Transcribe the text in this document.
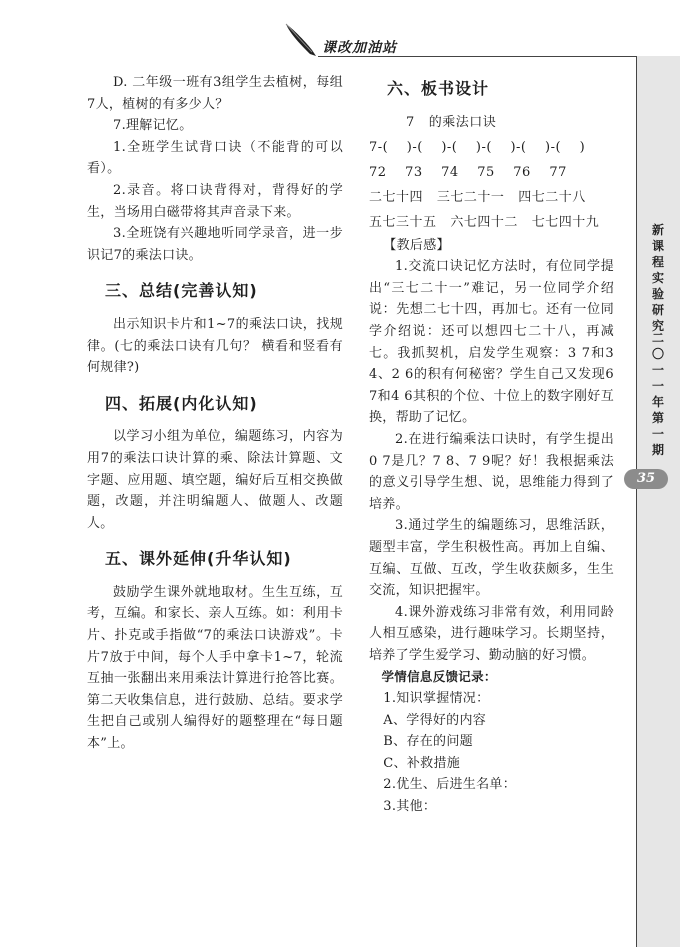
课改加油站
新
课
程
实
验
研
究
二
〇
一
一
年
第
一
期
35

D. 二年级一班有3组学生去植树，每组7人，植树的有多少人？

7.理解记忆。

1.全班学生试背口诀（不能背的可以看）。

2.录音。将口诀背得对，背得好的学生，当场用白磁带将其声音录下来。

3.全班饶有兴趣地听同学录音，进一步识记7的乘法口诀。

三、总结(完善认知)

出示知识卡片和1~7的乘法口诀，找规律。(七的乘法口诀有几句？ 横看和竖看有何规律?)

四、拓展(内化认知)

以学习小组为单位，编题练习，内容为用7的乘法口诀计算的乘、除法计算题、文字题、应用题、填空题，编好后互相交换做题，改题，并注明编题人、做题人、改题人。

五、课外延伸(升华认知)

鼓励学生课外就地取材。生生互练，互考，互编。和家长、亲人互练。如：利用卡片、扑克或手指做“7的乘法口诀游戏”。卡片7放于中间，每个人手中拿卡1~7，轮流互抽一张翻出来用乘法计算进行抢答比赛。第二天收集信息，进行鼓励、总结。要求学生把自己或别人编得好的题整理在“每日题本”上。

六、板书设计

7   的乘法口诀

7-(    )-(    )-(    )-(    )-(    )-(    )

72    73    74    75    76    77

二七十四   三七二十一   四七二十八

五七三十五   六七四十二   七七四十九

【教后感】

1.交流口诀记忆方法时，有位同学提出“三七二十一”难记，另一位同学介绍说：先想二七十四，再加七。还有一位同学介绍说：还可以想四七二十八，再减七。我抓契机，启发学生观察：3 7和3 4、2 6的积有何秘密？学生自己又发现6 7和4 6其积的个位、十位上的数字刚好互换，帮助了记忆。

2.在进行编乘法口诀时，有学生提出0 7是几？7 8、7 9呢？好！我根据乘法的意义引导学生想、说，思维能力得到了培养。

3.通过学生的编题练习，思维活跃，题型丰富，学生积极性高。再加上自编、互编、互做、互改，学生收获颇多，生生交流，知识把握牢。

4.课外游戏练习非常有效，利用同龄人相互感染，进行趣味学习。长期坚持，培养了学生爱学习、勤动脑的好习惯。

学情信息反馈记录：

1.知识掌握情况：

A、学得好的内容

B、存在的问题

C、补救措施

2.优生、后进生名单：

3.其他：
